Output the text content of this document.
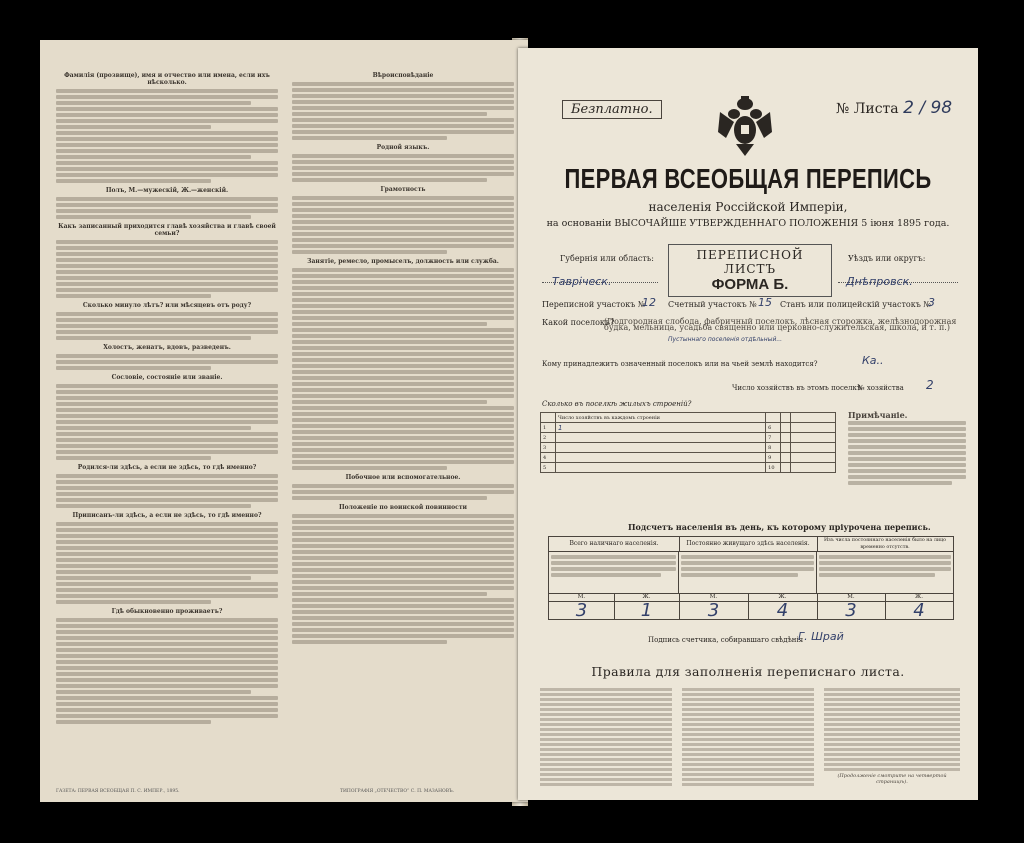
Фамилія (прозвище), имя и отчество или имена, если ихъ нѣсколько.
Полъ, М.—мужескій, Ж.—женскій.
Какъ записанный приходится главѣ хозяйства и главѣ своей семьи?
Сколько минуло лѣтъ? или мѣсяцевъ отъ роду?
Холостъ, женатъ, вдовъ, разведенъ.
Сословіе, состояніе или званіе.
Родился-ли здѣсь, а если не здѣсь, то гдѣ именно?
Приписанъ-ли здѣсь, а если не здѣсь, то гдѣ именно?
Гдѣ обыкновенно проживаетъ?
Вѣроисповѣданіе
Родной языкъ.
Грамотность
Занятіе, ремесло, промыселъ, должность или служба.
Побочное или вспомогательное.
Положеніе по воинской повинности
ГАЗЕТА: ПЕРВАЯ ВСЕОБЩАЯ П. С. ИМПЕР., 1895.	ТИПОГРАФІЯ „ОТЕЧЕСТВО“ С. П. МАЗАНОВЪ.
Безплатно.	№ Листа 2 / 98
ПЕРВАЯ ВСЕОБЩАЯ ПЕРЕПИСЬ
населенія Россійской Имперіи,
на основаніи ВЫСОЧАЙШЕ УТВЕРЖДЕННАГО ПОЛОЖЕНІЯ 5 іюня 1895 года.
Губернія или область:
Тавріческ.
ПЕРЕПИСНОЙ ЛИСТЪ
ФОРМА Б.
Уѣздъ или округъ:
Днѣпровск.
Переписной участокъ №
12 Счетный участокъ № 15 Станъ или полицейскій участокъ №
3
Какой поселокъ?
(Подгородная слобода, фабричный поселокъ, лѣсная сторожка, желѣзнодорожная будка, мельница, усадьба священно или церковно-служительская, школа, и т. п.)
Пустыннаго поселенія отдѣльный...
Кому принадлежитъ означенный поселокъ или на чьей землѣ находится?	Ка..
Число хозяйствъ въ этомъ поселкѣ
№ хозяйства 2
Сколько въ поселкѣ жилыхъ строеній?
	Число хозяйствъ въ каждомъ строеніи			
1	1	6		
2		7		
3		8		
4		9		
5		10		
Примѣчаніе.
Подсчетъ населенія въ день, къ которому пріурочена перепись.
Всего наличнаго населенія.	Постоянно живущаго здѣсь населенія.	Изъ числа постояннаго населенія было на лицо временно отсутств.
М.	Ж.	М.	Ж.	М.	Ж.
3	1	3	4	3	4
Подпись счетчика, собиравшаго свѣдѣнія
Г. Шрай
Правила для заполненія переписнаго листа.
(Продолженіе смотрите на четвертой страницѣ).
